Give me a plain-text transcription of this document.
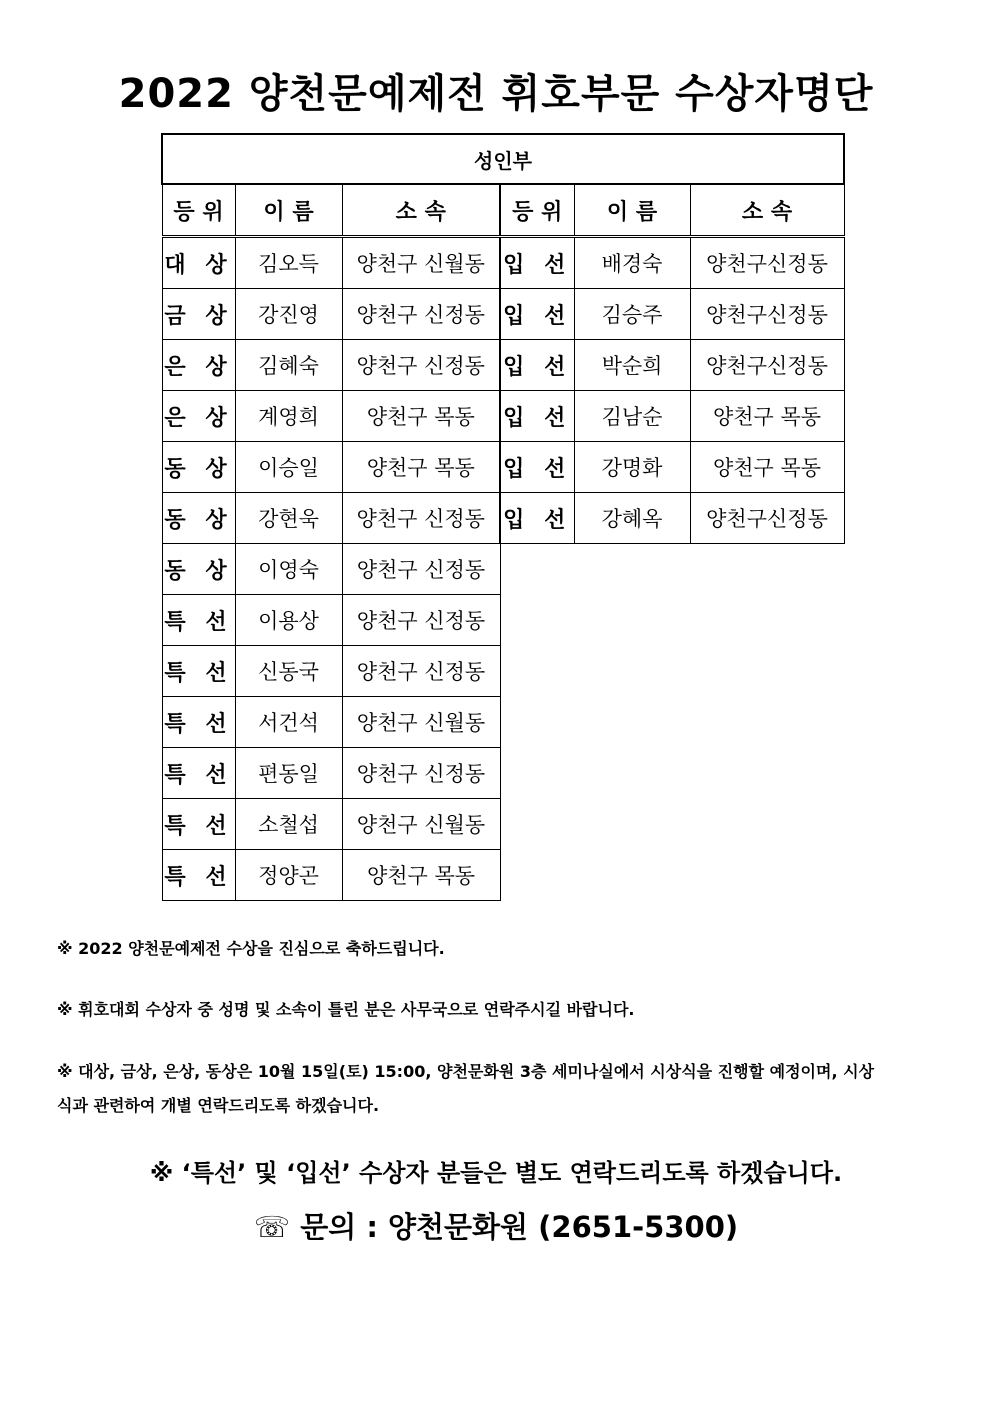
2022 양천문예제전 휘호부문 수상자명단
성인부					
등 위	이 름	소 속	등 위	이 름	소 속
대 상	김오득	양천구 신월동	입 선	배경숙	양천구신정동
금 상	강진영	양천구 신정동	입 선	김승주	양천구신정동
은 상	김혜숙	양천구 신정동	입 선	박순희	양천구신정동
은 상	계영희	양천구 목동	입 선	김남순	양천구 목동
동 상	이승일	양천구 목동	입 선	강명화	양천구 목동
동 상	강현욱	양천구 신정동	입 선	강혜옥	양천구신정동
동 상	이영숙	양천구 신정동			
특 선	이용상	양천구 신정동			
특 선	신동국	양천구 신정동			
특 선	서건석	양천구 신월동			
특 선	편동일	양천구 신정동			
특 선	소철섭	양천구 신월동			
특 선	정양곤	양천구 목동			
※ 2022 양천문예제전 수상을 진심으로 축하드립니다.
※ 휘호대회 수상자 중 성명 및 소속이 틀린 분은 사무국으로 연락주시길 바랍니다.
※ 대상, 금상, 은상, 동상은 10월 15일(토) 15:00, 양천문화원 3층 세미나실에서 시상식을 진행할 예정이며, 시상식과 관련하여 개별 연락드리도록 하겠습니다.
※ ‘특선’ 및 ‘입선’ 수상자 분들은 별도 연락드리도록 하겠습니다.
☏ 문의 : 양천문화원 (2651-5300)
